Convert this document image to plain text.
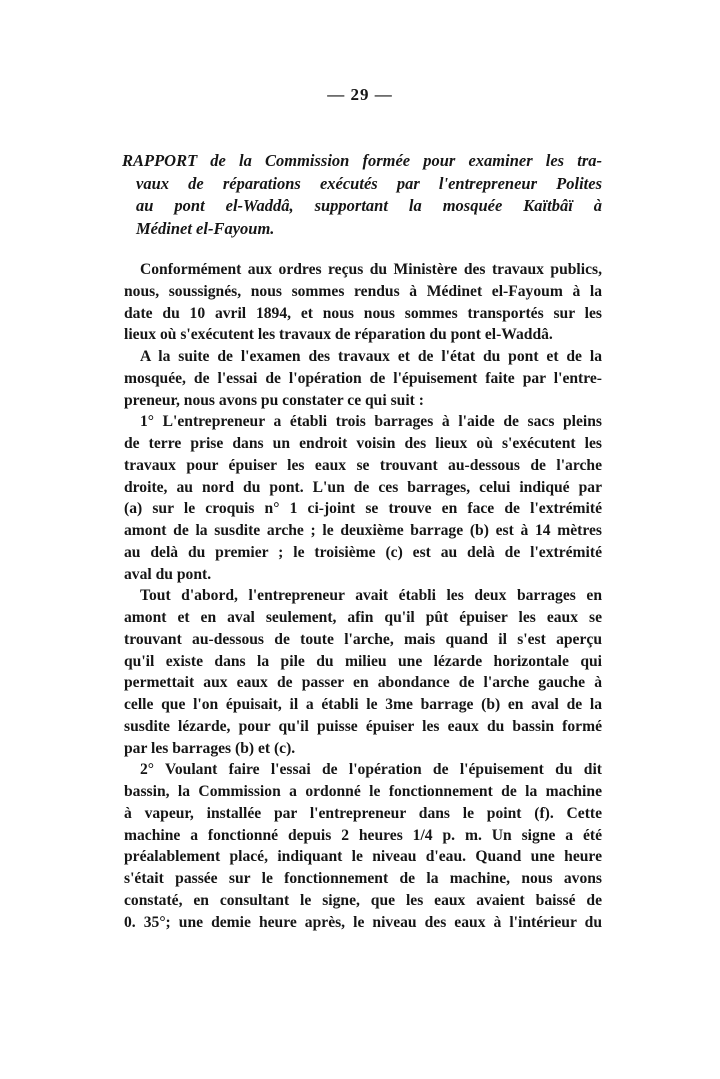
— 29 —
RAPPORT de la Commission formée pour examiner les tra-
vaux de réparations exécutés par l'entrepreneur Polites
au pont el-Waddâ, supportant la mosquée Kaïtbâï à
Médinet el-Fayoum.
Conformément aux ordres reçus du Ministère des travaux publics,
nous, soussignés, nous sommes rendus à Médinet el-Fayoum à la
date du 10 avril 1894, et nous nous sommes transportés sur les
lieux où s'exécutent les travaux de réparation du pont el-Waddâ.
A la suite de l'examen des travaux et de l'état du pont et de la
mosquée, de l'essai de l'opération de l'épuisement faite par l'entre-
preneur, nous avons pu constater ce qui suit :
1° L'entrepreneur a établi trois barrages à l'aide de sacs pleins
de terre prise dans un endroit voisin des lieux où s'exécutent les
travaux pour épuiser les eaux se trouvant au-dessous de l'arche
droite, au nord du pont. L'un de ces barrages, celui indiqué par
(a) sur le croquis n° 1 ci-joint se trouve en face de l'extrémité
amont de la susdite arche ; le deuxième barrage (b) est à 14 mètres
au delà du premier ; le troisième (c) est au delà de l'extrémité
aval du pont.
Tout d'abord, l'entrepreneur avait établi les deux barrages en
amont et en aval seulement, afin qu'il pût épuiser les eaux se
trouvant au-dessous de toute l'arche, mais quand il s'est aperçu
qu'il existe dans la pile du milieu une lézarde horizontale qui
permettait aux eaux de passer en abondance de l'arche gauche à
celle que l'on épuisait, il a établi le 3me barrage (b) en aval de la
susdite lézarde, pour qu'il puisse épuiser les eaux du bassin formé
par les barrages (b) et (c).
2° Voulant faire l'essai de l'opération de l'épuisement du dit
bassin, la Commission a ordonné le fonctionnement de la machine
à vapeur, installée par l'entrepreneur dans le point (f). Cette
machine a fonctionné depuis 2 heures 1/4 p. m. Un signe a été
préalablement placé, indiquant le niveau d'eau. Quand une heure
s'était passée sur le fonctionnement de la machine, nous avons
constaté, en consultant le signe, que les eaux avaient baissé de
0. 35°; une demie heure après, le niveau des eaux à l'intérieur du
